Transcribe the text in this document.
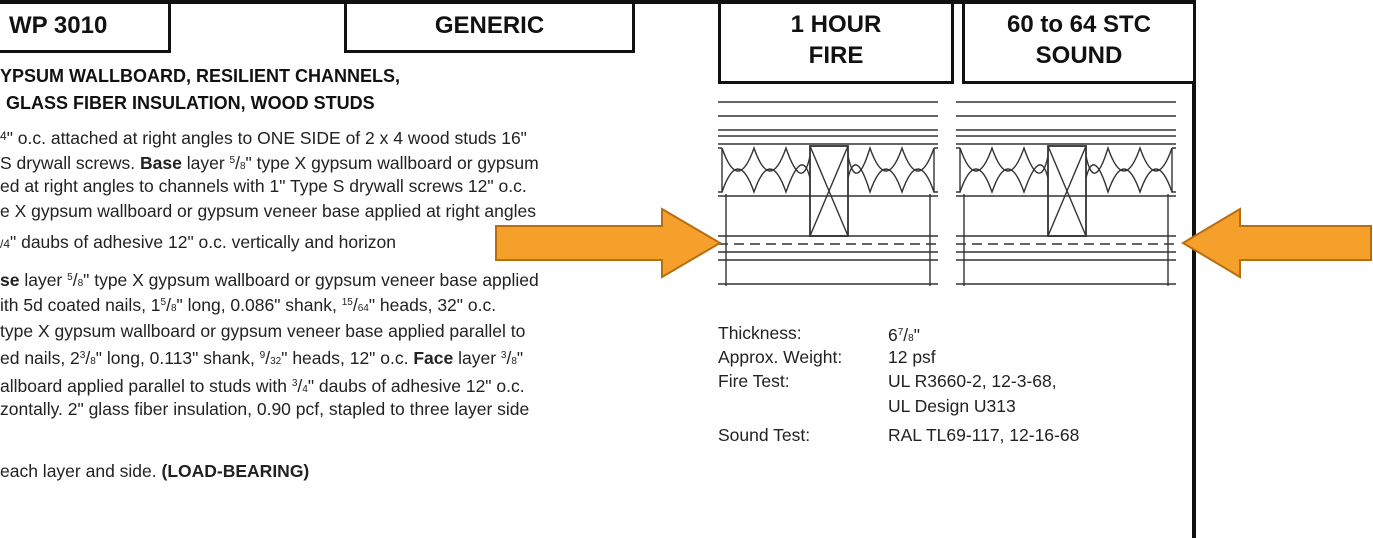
WP 3010	GENERIC	1 HOUR
FIRE
60 to 64 STC
SOUND
YPSUM WALLBOARD, RESILIENT CHANNELS,
GLASS FIBER INSULATION, WOOD STUDS
$^4$" o.c. attached at right angles to ONE SIDE of 2 x 4 wood studs 16"
S drywall screws. Base layer $^5$/8" type X gypsum wallboard or gypsum
ed at right angles to channels with 1" Type S drywall screws 12" o.c.
e X gypsum wallboard or gypsum veneer base applied at right angles
/4" daubs of adhesive 12" o.c. vertically and horizon
se layer $^5$/8" type X gypsum wallboard or gypsum veneer base applied
ith 5d coated nails, $1^5/8$" long, 0.086" shank, $^{15}$/64" heads, 32" o.c.
type X gypsum wallboard or gypsum veneer base applied parallel to
ed nails, $2^3/8$" long, 0.113" shank, $^9$/32" heads, 12" o.c. Face layer $^3$/8"
allboard applied parallel to studs with $^3$/4" daubs of adhesive 12" o.c.
zontally. 2" glass fiber insulation, 0.90 pcf, stapled to three layer side
each layer and side. (LOAD-BEARING)
Thickness:	$6^7/8$"
Approx. Weight:	12 psf
Fire Test:	UL R3660-2, 12-3-68,
UL Design U313
Sound Test:	RAL TL69-117, 12-16-68
